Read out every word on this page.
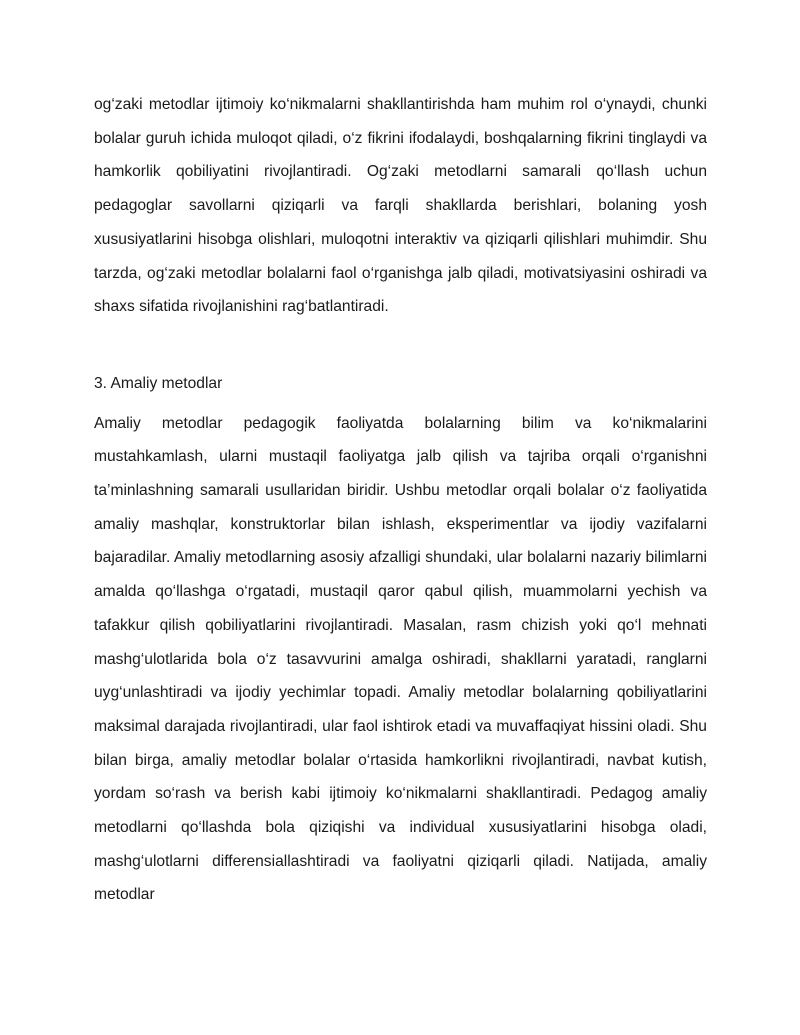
og‘zaki metodlar ijtimoiy ko‘nikmalarni shakllantirishda ham muhim rol o‘ynaydi, chunki bolalar guruh ichida muloqot qiladi, o‘z fikrini ifodalaydi, boshqalarning fikrini tinglaydi va hamkorlik qobiliyatini rivojlantiradi. Og‘zaki metodlarni samarali qo‘llash uchun pedagoglar savollarni qiziqarli va farqli shakllarda berishlari, bolaning yosh xususiyatlarini hisobga olishlari, muloqotni interaktiv va qiziqarli qilishlari muhimdir. Shu tarzda, og‘zaki metodlar bolalarni faol o‘rganishga jalb qiladi, motivatsiyasini oshiradi va shaxs sifatida rivojlanishini rag‘batlantiradi.

3. Amaliy metodlar

Amaliy metodlar pedagogik faoliyatda bolalarning bilim va ko‘nikmalarini mustahkamlash, ularni mustaqil faoliyatga jalb qilish va tajriba orqali o‘rganishni ta’minlashning samarali usullaridan biridir. Ushbu metodlar orqali bolalar o‘z faoliyatida amaliy mashqlar, konstruktorlar bilan ishlash, eksperimentlar va ijodiy vazifalarni bajaradilar. Amaliy metodlarning asosiy afzalligi shundaki, ular bolalarni nazariy bilimlarni amalda qo‘llashga o‘rgatadi, mustaqil qaror qabul qilish, muammolarni yechish va tafakkur qilish qobiliyatlarini rivojlantiradi. Masalan, rasm chizish yoki qo‘l mehnati mashg‘ulotlarida bola o‘z tasavvurini amalga oshiradi, shakllarni yaratadi, ranglarni uyg‘unlashtiradi va ijodiy yechimlar topadi. Amaliy metodlar bolalarning qobiliyatlarini maksimal darajada rivojlantiradi, ular faol ishtirok etadi va muvaffaqiyat hissini oladi. Shu bilan birga, amaliy metodlar bolalar o‘rtasida hamkorlikni rivojlantiradi, navbat kutish, yordam so‘rash va berish kabi ijtimoiy ko‘nikmalarni shakllantiradi. Pedagog amaliy metodlarni qo‘llashda bola qiziqishi va individual xususiyatlarini hisobga oladi, mashg‘ulotlarni differensiallashtiradi va faoliyatni qiziqarli qiladi. Natijada, amaliy metodlar
